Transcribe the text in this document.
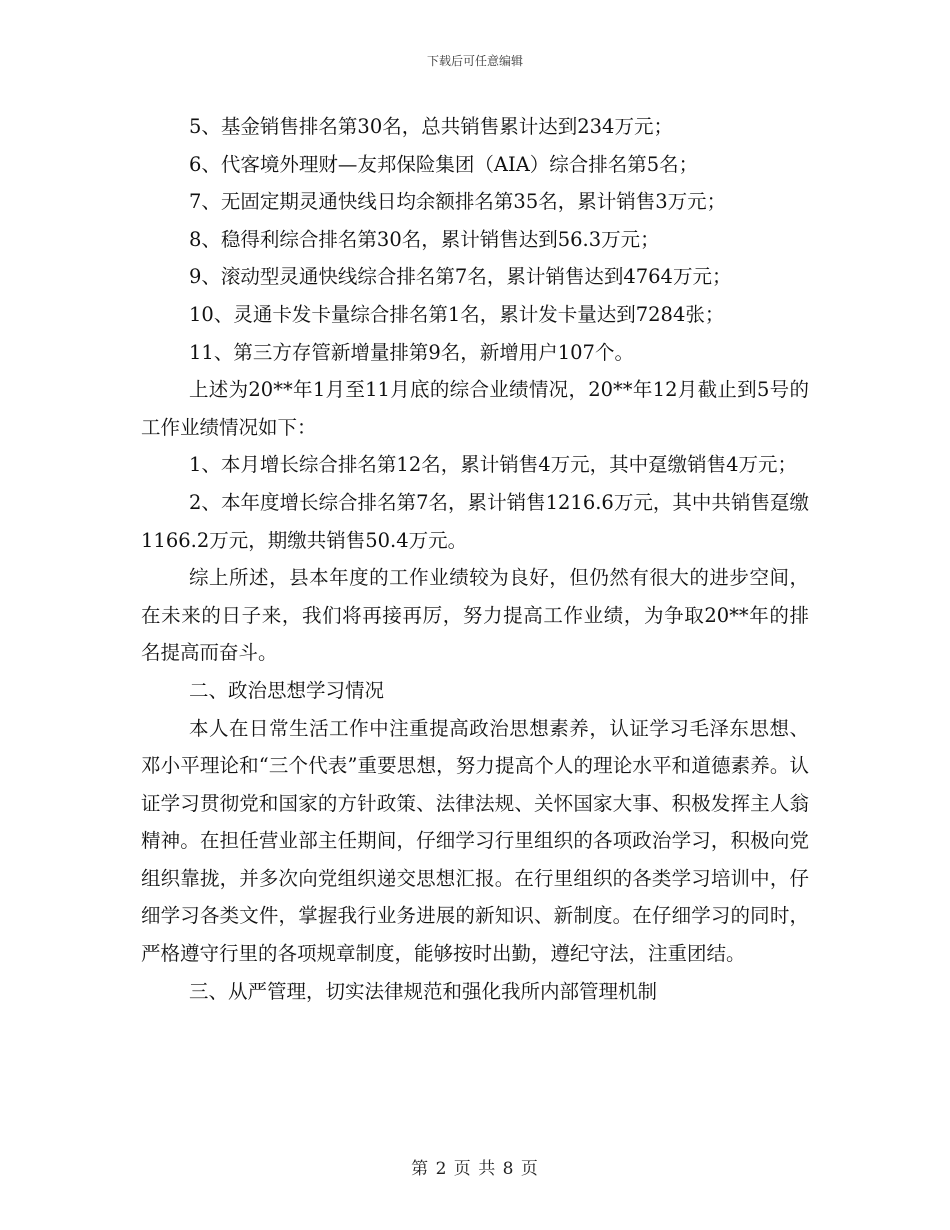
下载后可任意编辑

5、基金销售排名第30名，总共销售累计达到234万元；

6、代客境外理财—友邦保险集团（AIA）综合排名第5名；

7、无固定期灵通快线日均余额排名第35名，累计销售3万元；

8、稳得利综合排名第30名，累计销售达到56.3万元；

9、滚动型灵通快线综合排名第7名，累计销售达到4764万元；

10、灵通卡发卡量综合排名第1名，累计发卡量达到7284张；

11、第三方存管新增量排第9名，新增用户107个。

上述为20**年1月至11月底的综合业绩情况，20**年12月截止到5号的工作业绩情况如下：

1、本月增长综合排名第12名，累计销售4万元，其中趸缴销售4万元；

2、本年度增长综合排名第7名，累计销售1216.6万元，其中共销售趸缴1166.2万元，期缴共销售50.4万元。

综上所述，县本年度的工作业绩较为良好，但仍然有很大的进步空间，在未来的日子来，我们将再接再厉，努力提高工作业绩，为争取20**年的排名提高而奋斗。

二、政治思想学习情况

本人在日常生活工作中注重提高政治思想素养，认证学习毛泽东思想、邓小平理论和“三个代表”重要思想，努力提高个人的理论水平和道德素养。认证学习贯彻党和国家的方针政策、法律法规、关怀国家大事、积极发挥主人翁精神。在担任营业部主任期间，仔细学习行里组织的各项政治学习，积极向党组织靠拢，并多次向党组织递交思想汇报。在行里组织的各类学习培训中，仔细学习各类文件，掌握我行业务进展的新知识、新制度。在仔细学习的同时，严格遵守行里的各项规章制度，能够按时出勤，遵纪守法，注重团结。

三、从严管理，切实法律规范和强化我所内部管理机制

第 2 页 共 8 页
